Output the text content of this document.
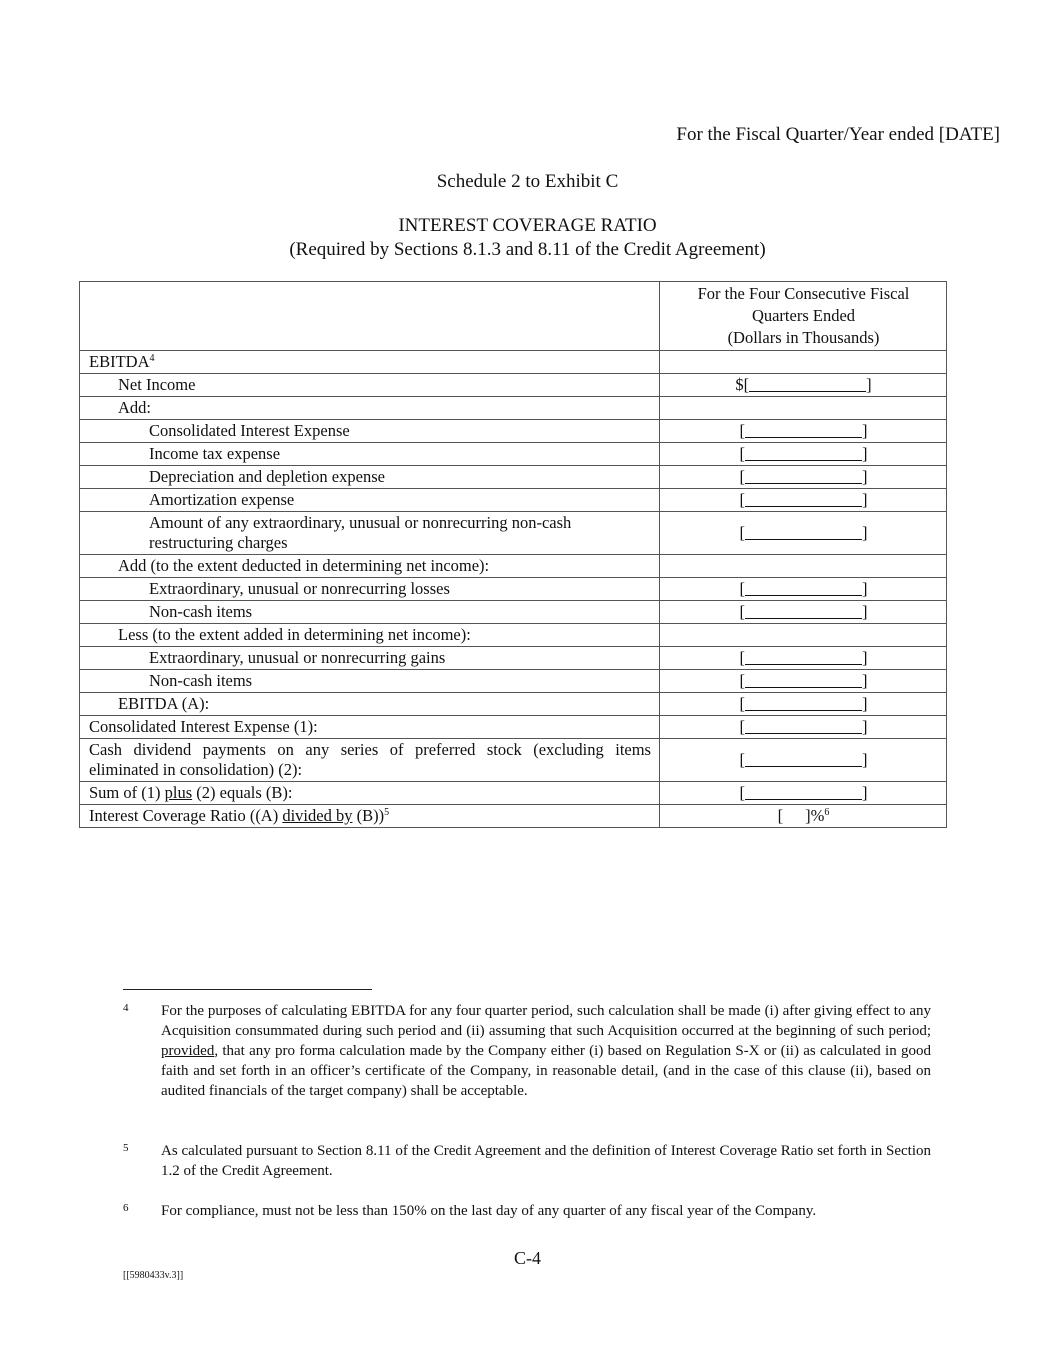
For the Fiscal Quarter/Year ended [DATE]
Schedule 2 to Exhibit C
INTEREST COVERAGE RATIO
(Required by Sections 8.1.3 and 8.11 of the Credit Agreement)

	For the Four Consecutive Fiscal
Quarters Ended
(Dollars in Thousands)

EBITDA$^4$	
Net Income	$[ ]
Add:	
Consolidated Interest Expense	[ ]
Income tax expense	[ ]
Depreciation and depletion expense	[ ]
Amortization expense	[ ]
Amount of any extraordinary, unusual or nonrecurring non-cash restructuring charges	[ ]
Add (to the extent deducted in determining net income):	
Extraordinary, unusual or nonrecurring losses	[ ]
Non-cash items	[ ]
Less (to the extent added in determining net income):	
Extraordinary, unusual or nonrecurring gains	[ ]
Non-cash items	[ ]
EBITDA (A):	[ ]
Consolidated Interest Expense (1):	[ ]
Cash dividend payments on any series of preferred stock (excluding items eliminated in consolidation) (2):	[ ]
Sum of (1) plus (2) equals (B):	[ ]
Interest Coverage Ratio ((A) divided by (B))$^5$	[ ]%$^6$
4 For the purposes of calculating EBITDA for any four quarter period, such calculation shall be made (i) after giving effect to any Acquisition consummated during such period and (ii) assuming that such Acquisition occurred at the beginning of such period; provided, that any pro forma calculation made by the Company either (i) based on Regulation S-X or (ii) as calculated in good faith and set forth in an officer’s certificate of the Company, in reasonable detail, (and in the case of this clause (ii), based on audited financials of the target company) shall be acceptable.
5 As calculated pursuant to Section 8.11 of the Credit Agreement and the definition of Interest Coverage Ratio set forth in Section 1.2 of the Credit Agreement.
6 For compliance, must not be less than 150% on the last day of any quarter of any fiscal year of the Company.
C-4
[[5980433v.3]]
